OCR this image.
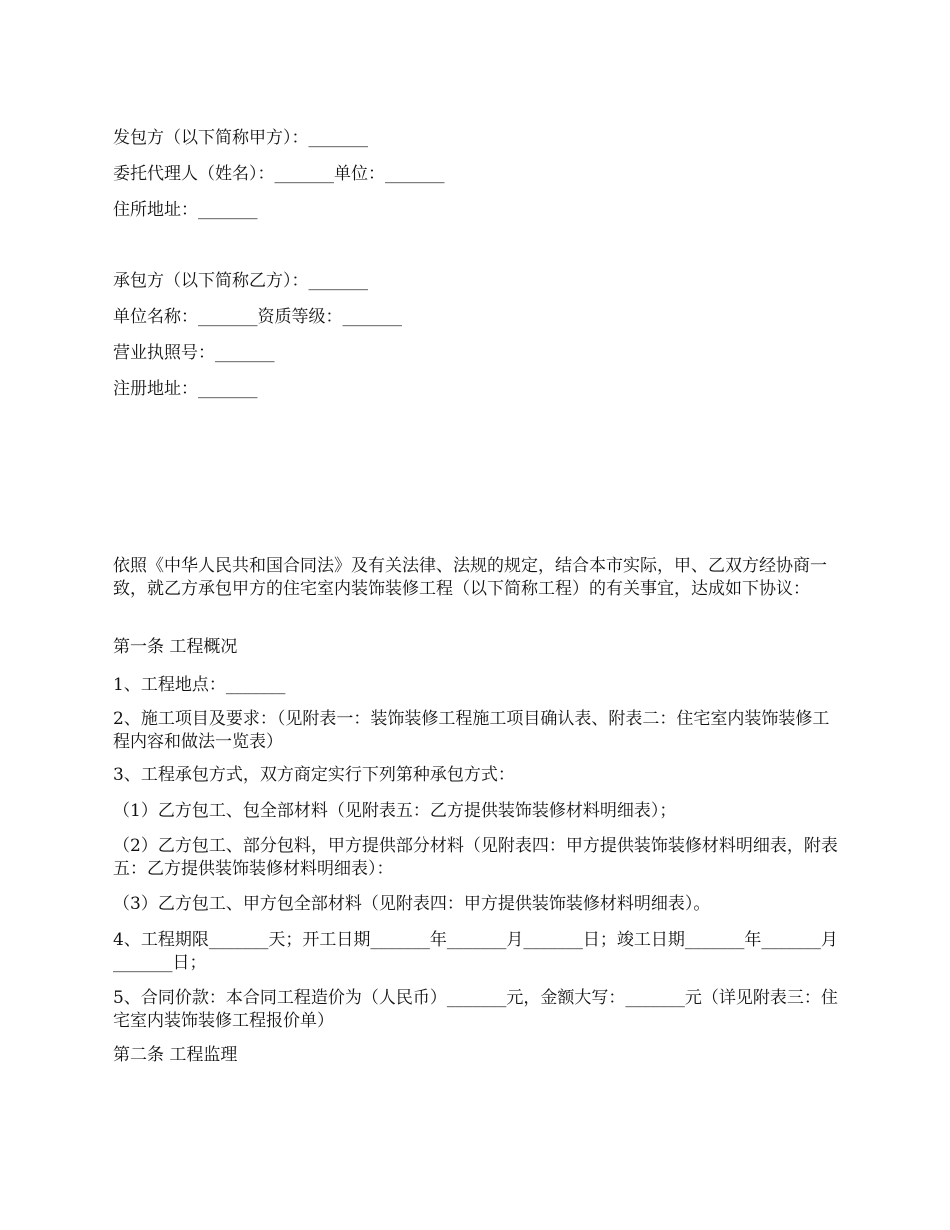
发包方（以下简称甲方）：_______
委托代理人（姓名）：_______单位：_______
住所地址：_______
承包方（以下简称乙方）：_______
单位名称：_______资质等级：_______
营业执照号：_______
注册地址：_______
依照《中华人民共和国合同法》及有关法律、法规的规定，结合本市实际，甲、乙双方经协商一致，就乙方承包甲方的住宅室内装饰装修工程（以下简称工程）的有关事宜，达成如下协议：
第一条 工程概况
1、工程地点：_______
2、施工项目及要求：（见附表一：装饰装修工程施工项目确认表、附表二：住宅室内装饰装修工程内容和做法一览表）
3、工程承包方式，双方商定实行下列第种承包方式：
（1）乙方包工、包全部材料（见附表五：乙方提供装饰装修材料明细表）；
（2）乙方包工、部分包料，甲方提供部分材料（见附表四：甲方提供装饰装修材料明细表，附表五：乙方提供装饰装修材料明细表）：
（3）乙方包工、甲方包全部材料（见附表四：甲方提供装饰装修材料明细表）。
4、工程期限_______天；开工日期_______年_______月_______日；竣工日期_______年_______月_______日；
5、合同价款：本合同工程造价为（人民币）_______元，金额大写：_______元（详见附表三：住宅室内装饰装修工程报价单）
第二条 工程监理
